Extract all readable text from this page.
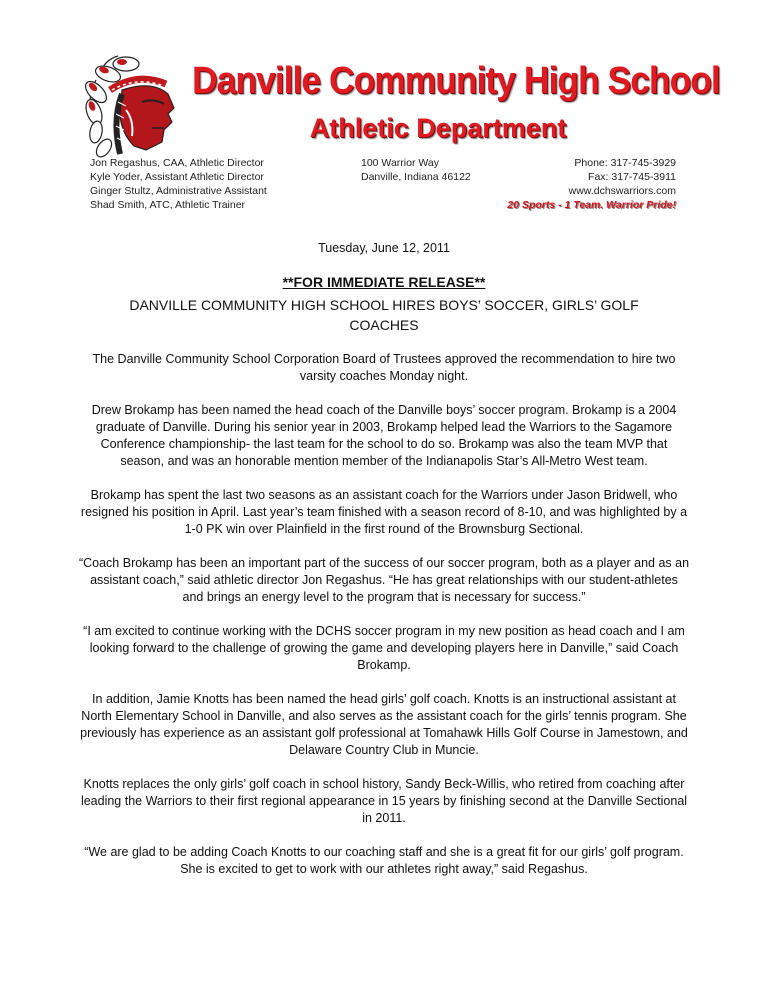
Danville Community High School
Athletic Department
Jon Regashus, CAA, Athletic Director
Kyle Yoder, Assistant Athletic Director
Ginger Stultz, Administrative Assistant
Shad Smith, ATC, Athletic Trainer
100 Warrior Way
Danville, Indiana 46122
Phone: 317-745-3929
Fax: 317-745-3911
www.dchswarriors.com
20 Sports - 1 Team. Warrior Pride!
Tuesday, June 12, 2011
**FOR IMMEDIATE RELEASE**
DANVILLE COMMUNITY HIGH SCHOOL HIRES BOYS’ SOCCER, GIRLS’ GOLF COACHES

The Danville Community School Corporation Board of Trustees approved the recommendation to hire two varsity coaches Monday night.

Drew Brokamp has been named the head coach of the Danville boys’ soccer program. Brokamp is a 2004 graduate of Danville. During his senior year in 2003, Brokamp helped lead the Warriors to the Sagamore Conference championship- the last team for the school to do so. Brokamp was also the team MVP that season, and was an honorable mention member of the Indianapolis Star’s All-Metro West team.

Brokamp has spent the last two seasons as an assistant coach for the Warriors under Jason Bridwell, who resigned his position in April. Last year’s team finished with a season record of 8-10, and was highlighted by a 1-0 PK win over Plainfield in the first round of the Brownsburg Sectional.

“Coach Brokamp has been an important part of the success of our soccer program, both as a player and as an assistant coach,” said athletic director Jon Regashus. “He has great relationships with our student-athletes and brings an energy level to the program that is necessary for success.”

“I am excited to continue working with the DCHS soccer program in my new position as head coach and I am looking forward to the challenge of growing the game and developing players here in Danville,” said Coach Brokamp.

In addition, Jamie Knotts has been named the head girls’ golf coach. Knotts is an instructional assistant at North Elementary School in Danville, and also serves as the assistant coach for the girls’ tennis program. She previously has experience as an assistant golf professional at Tomahawk Hills Golf Course in Jamestown, and Delaware Country Club in Muncie.

Knotts replaces the only girls’ golf coach in school history, Sandy Beck-Willis, who retired from coaching after leading the Warriors to their first regional appearance in 15 years by finishing second at the Danville Sectional in 2011.

“We are glad to be adding Coach Knotts to our coaching staff and she is a great fit for our girls’ golf program. She is excited to get to work with our athletes right away,” said Regashus.
